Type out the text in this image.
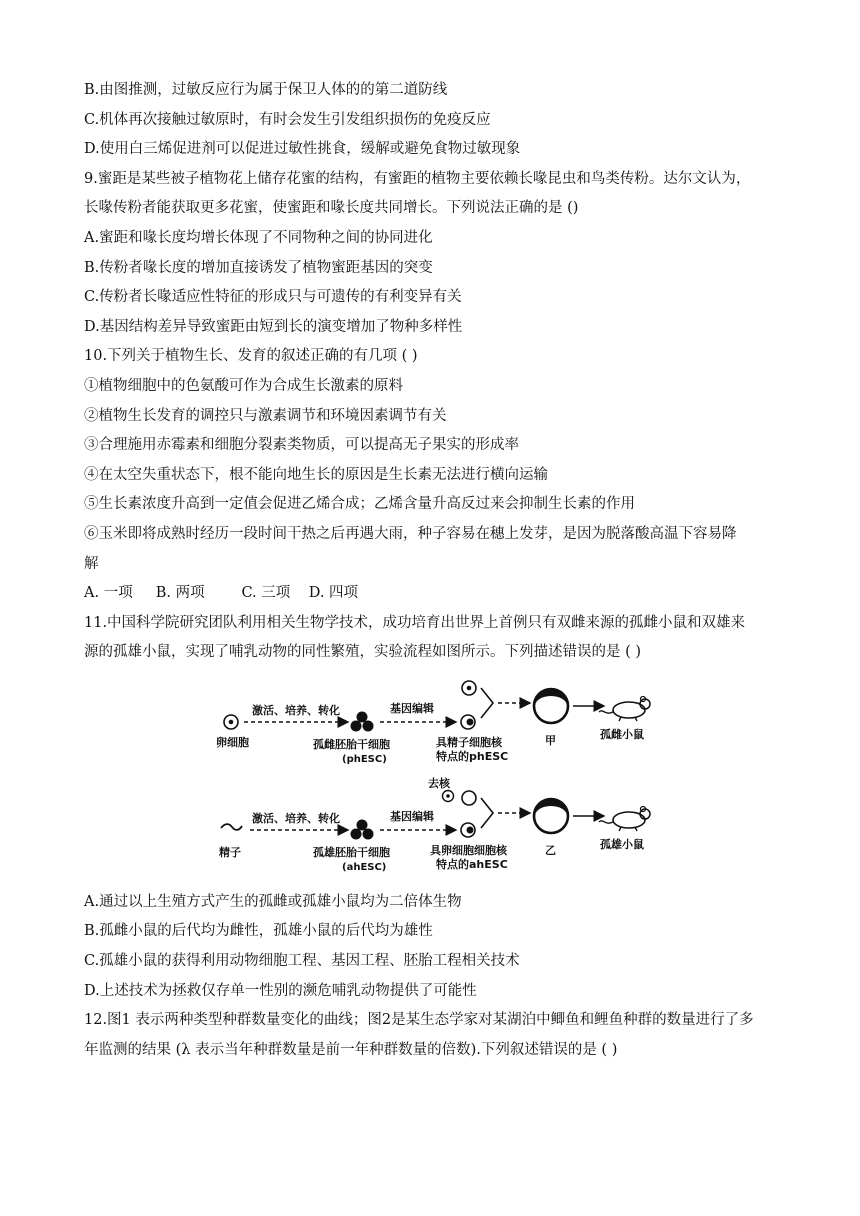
B.由图推测，过敏反应行为属于保卫人体的的第二道防线
C.机体再次接触过敏原时，有时会发生引发组织损伤的免疫反应
D.使用白三烯促进剂可以促进过敏性挑食，缓解或避免食物过敏现象
9.蜜距是某些被子植物花上储存花蜜的结构，有蜜距的植物主要依赖长喙昆虫和鸟类传粉。达尔文认为，
长喙传粉者能获取更多花蜜，使蜜距和喙长度共同增长。下列说法正确的是 ()
A.蜜距和喙长度均增长体现了不同物种之间的协同进化
B.传粉者喙长度的增加直接诱发了植物蜜距基因的突变
C.传粉者长喙适应性特征的形成只与可遗传的有利变异有关
D.基因结构差异导致蜜距由短到长的演变增加了物种多样性
10.下列关于植物生长、发育的叙述正确的有几项 ( )
①植物细胞中的色氨酸可作为合成生长激素的原料
②植物生长发育的调控只与激素调节和环境因素调节有关
③合理施用赤霉素和细胞分裂素类物质，可以提高无子果实的形成率
④在太空失重状态下，根不能向地生长的原因是生长素无法进行横向运输
⑤生长素浓度升高到一定值会促进乙烯合成；乙烯含量升高反过来会抑制生长素的作用
⑥玉米即将成熟时经历一段时间干热之后再遇大雨，种子容易在穗上发芽，是因为脱落酸高温下容易降
解
A. 一项     B. 两项        C. 三项    D. 四项
11.中国科学院研究团队利用相关生物学技术，成功培育出世界上首例只有双雌来源的孤雌小鼠和双雄来
源的孤雄小鼠，实现了哺乳动物的同性繁殖，实验流程如图所示。下列描述错误的是 ( )
卵细胞
激活、培养、转化
孤雌胚胎干细胞
(phESC)
基因编辑
具精子细胞核
特点的phESC
甲	孤雌小鼠
精子
激活、培养、转化
孤雄胚胎干细胞
(ahESC)
基因编辑
去核
具卵细胞细胞核
特点的ahESC
乙	孤雄小鼠
A.通过以上生殖方式产生的孤雌或孤雄小鼠均为二倍体生物
B.孤雌小鼠的后代均为雌性，孤雄小鼠的后代均为雄性
C.孤雄小鼠的获得利用动物细胞工程、基因工程、胚胎工程相关技术
D.上述技术为拯救仅存单一性别的濒危哺乳动物提供了可能性
12.图1 表示两种类型种群数量变化的曲线；图2是某生态学家对某湖泊中鲫鱼和鲤鱼种群的数量进行了多
年监测的结果 (λ 表示当年种群数量是前一年种群数量的倍数).下列叙述错误的是 ( )
